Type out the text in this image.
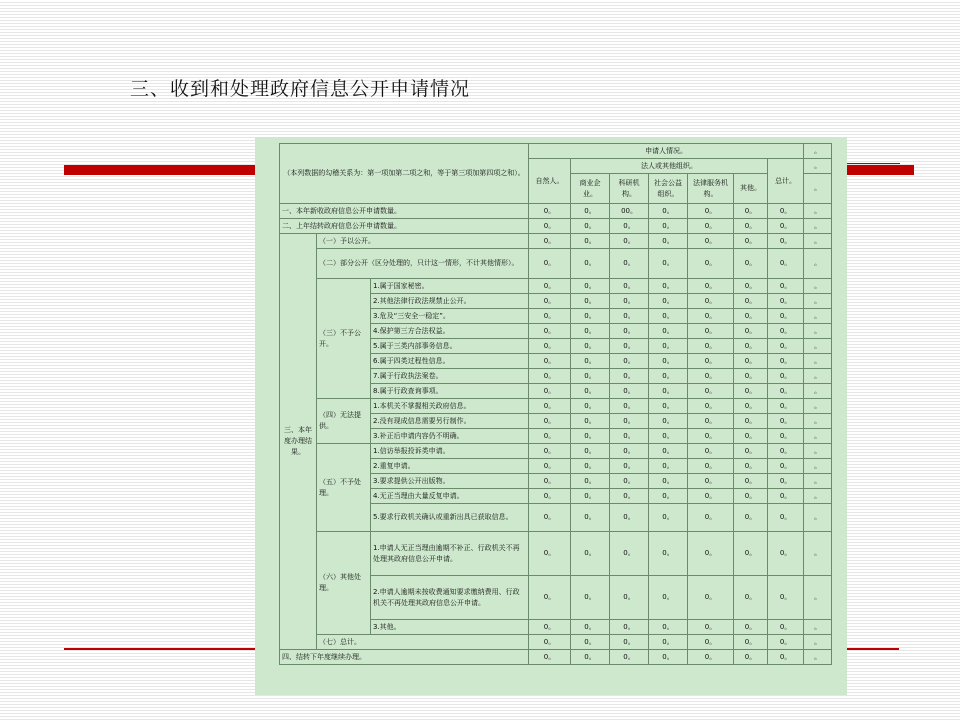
三、收到和处理政府信息公开申请情况
（本列数据的勾稽关系为：第一项加第二项之和，等于第三项加第四项之和）。			申请人情况。							。
			自然人。	法人或其他组织。					总计。	。
				商业企业。	科研机构。	社会公益组织。	法律服务机构。	其他。		。
一、本年新收政府信息公开申请数量。			0。	0。	00。	0。	0。	0。	0。	。
二、上年结转政府信息公开申请数量。			0。	0。	0。	0。	0。	0。	0。	。
三、本年度办理结果。	（一）予以公开。		0。	0。	0。	0。	0。	0。	0。	。
	（二）部分公开（区分处理的，只计这一情形，不计其他情形）。		0。	0。	0。	0。	0。	0。	0。	。
	（三）不予公开。	1.属于国家秘密。	0。	0。	0。	0。	0。	0。	0。	。
		2.其他法律行政法规禁止公开。	0。	0。	0。	0。	0。	0。	0。	。
		3.危及“三安全一稳定”。	0。	0。	0。	0。	0。	0。	0。	。
		4.保护第三方合法权益。	0。	0。	0。	0。	0。	0。	0。	。
		5.属于三类内部事务信息。	0。	0。	0。	0。	0。	0。	0。	。
		6.属于四类过程性信息。	0。	0。	0。	0。	0。	0。	0。	。
		7.属于行政执法案卷。	0。	0。	0。	0。	0。	0。	0。	。
		8.属于行政查询事项。	0。	0。	0。	0。	0。	0。	0。	。
	（四）无法提供。	1.本机关不掌握相关政府信息。	0。	0。	0。	0。	0。	0。	0。	。
		2.没有现成信息需要另行制作。	0。	0。	0。	0。	0。	0。	0。	。
		3.补正后申请内容仍不明确。	0。	0。	0。	0。	0。	0。	0。	。
	（五）不予处理。	1.信访举报投诉类申请。	0。	0。	0。	0。	0。	0。	0。	。
		2.重复申请。	0。	0。	0。	0。	0。	0。	0。	。
		3.要求提供公开出版物。	0。	0。	0。	0。	0。	0。	0。	。
		4.无正当理由大量反复申请。	0。	0。	0。	0。	0。	0。	0。	。
		5.要求行政机关确认或重新出具已获取信息。	0。	0。	0。	0。	0。	0。	0。	。
	（六）其他处理。	1.申请人无正当理由逾期不补正、行政机关不再处理其政府信息公开申请。	0。	0。	0。	0。	0。	0。	0。	。
		2.申请人逾期未按收费通知要求缴纳费用、行政机关不再处理其政府信息公开申请。	0。	0。	0。	0。	0。	0。	0。	。
		3.其他。	0。	0。	0。	0。	0。	0。	0。	。
	（七）总计。		0。	0。	0。	0。	0。	0。	0。	。
四、结转下年度继续办理。			0。	0。	0。	0。	0。	0。	0。	。
